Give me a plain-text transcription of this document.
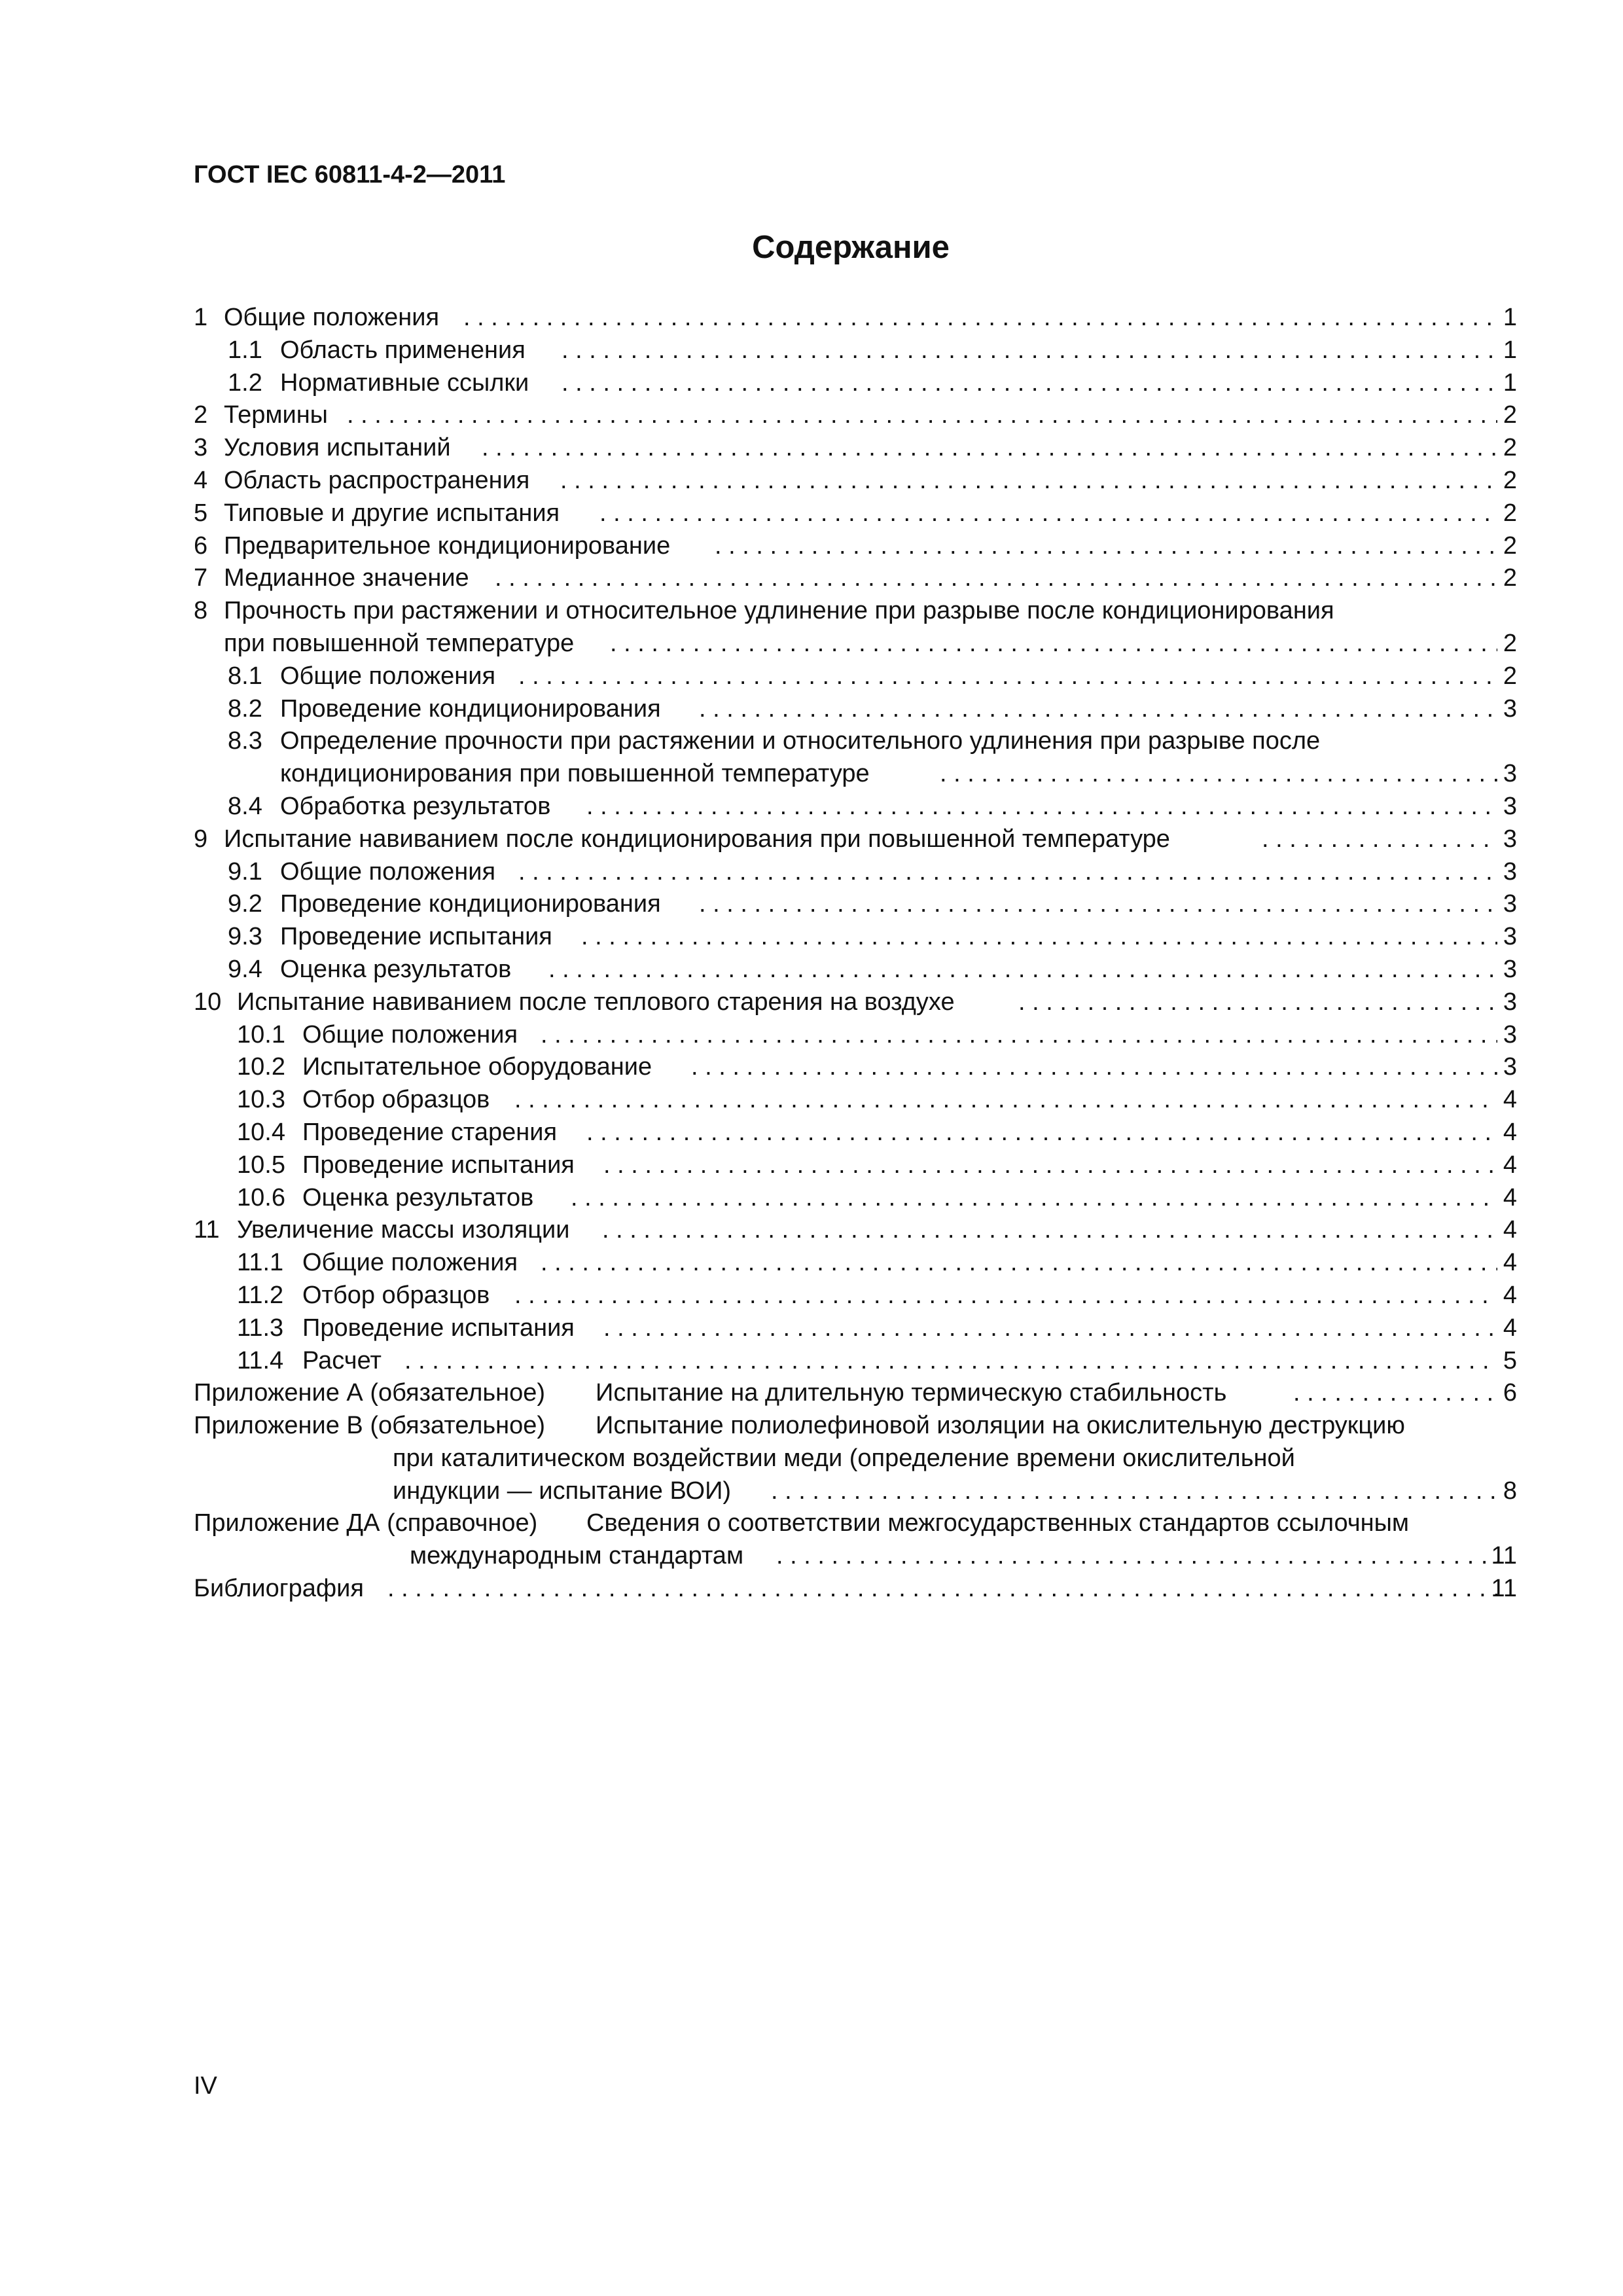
ГОСТ IEC 60811-4-2—2011
Содержание
1 Общие положения . . .	1
1.1 Область применения . . .	1
1.2 Нормативные ссылки . . .	1
2 Термины . . .	2
3 Условия испытаний . . .	2
4 Область распространения . . .	2
5 Типовые и другие испытания . . .	2
6 Предварительное кондиционирование . . .	2
7 Медианное значение . . .	2
8 Прочность при растяжении и относительное удлинение при разрыве после кондиционирования
при повышенной температуре . . .	2
8.1 Общие положения . . .	2
8.2 Проведение кондиционирования . . .	3
8.3 Определение прочности при растяжении и относительного удлинения при разрыве после
кондиционирования при повышенной температуре . . .	3
8.4 Обработка результатов . . .	3
9 Испытание навиванием после кондиционирования при повышенной температуре . . .	3
9.1 Общие положения . . .	3
9.2 Проведение кондиционирования . . .	3
9.3 Проведение испытания . . .	3
9.4 Оценка результатов . . .	3
10 Испытание навиванием после теплового старения на воздухе . . .	3
10.1 Общие положения . . .	3
10.2 Испытательное оборудование . . .	3
10.3 Отбор образцов . . .	4
10.4 Проведение старения . . .	4
10.5 Проведение испытания . . .	4
10.6 Оценка результатов . . .	4
11 Увеличение массы изоляции . . .	4
11.1 Общие положения . . .	4
11.2 Отбор образцов . . .	4
11.3 Проведение испытания . . .	4
11.4 Расчет . . .	5
Приложение А (обязательное) Испытание на длительную термическую стабильность . . .	6
Приложение В (обязательное) Испытание полиолефиновой изоляции на окислительную деструкцию
при каталитическом воздействии меди (определение времени окислительной
индукции — испытание ВОИ) . . .	8
Приложение ДА (справочное) Сведения о соответствии межгосударственных стандартов ссылочным
международным стандартам . . .	11
Библиография . . .	11
IV
